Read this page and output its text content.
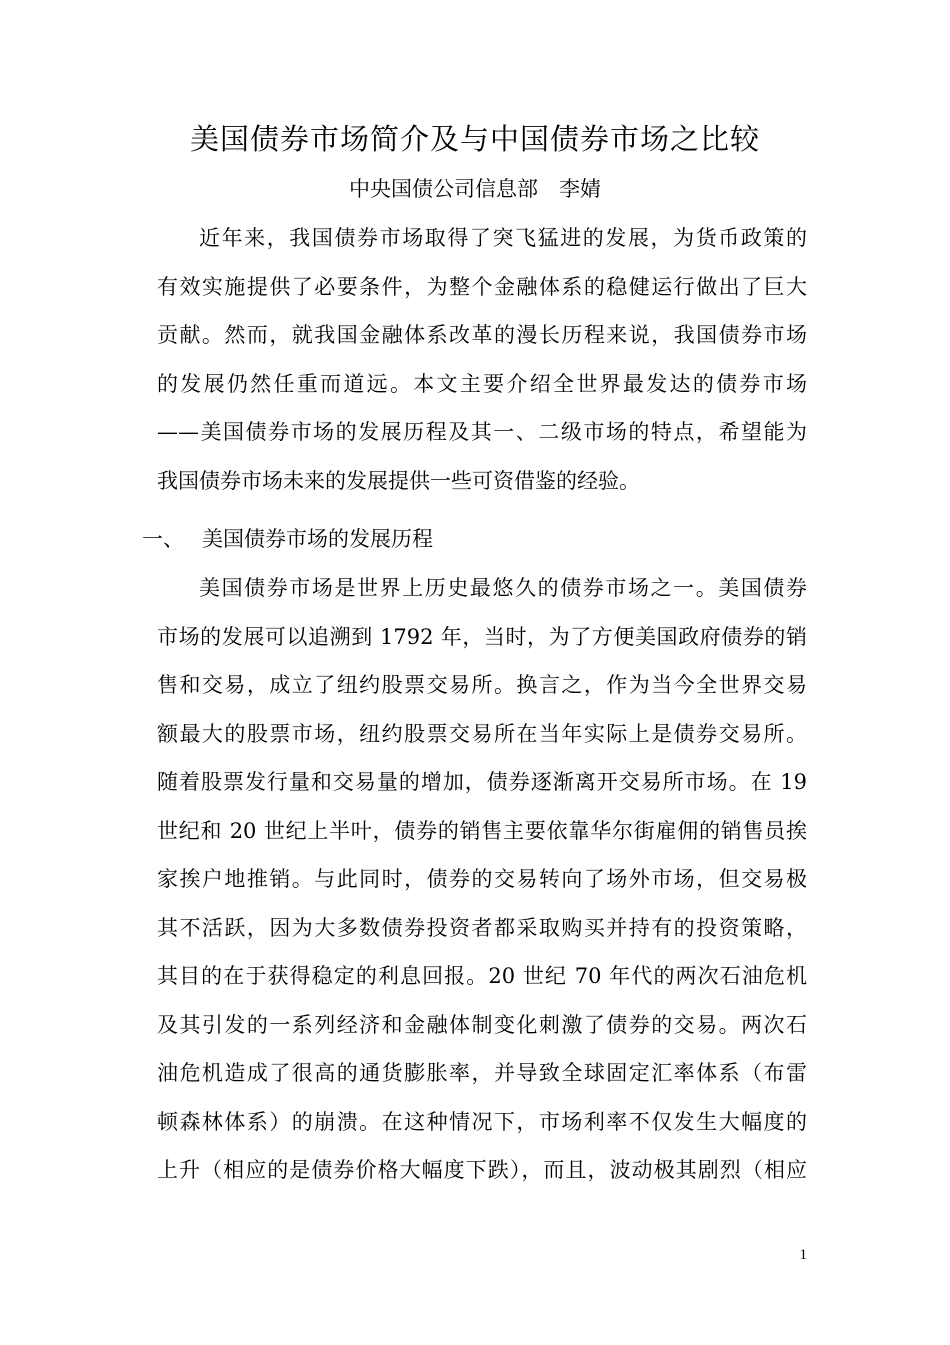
美国债券市场简介及与中国债券市场之比较
中央国债公司信息部　李婧
近年来，我国债券市场取得了突飞猛进的发展，为货币政策的
有效实施提供了必要条件，为整个金融体系的稳健运行做出了巨大
贡献。然而，就我国金融体系改革的漫长历程来说，我国债券市场
的发展仍然任重而道远。本文主要介绍全世界最发达的债券市场
——美国债券市场的发展历程及其一、二级市场的特点，希望能为
我国债券市场未来的发展提供一些可资借鉴的经验。
一、 美国债券市场的发展历程
美国债券市场是世界上历史最悠久的债券市场之一。美国债券
市场的发展可以追溯到 1792 年，当时，为了方便美国政府债券的销
售和交易，成立了纽约股票交易所。换言之，作为当今全世界交易
额最大的股票市场，纽约股票交易所在当年实际上是债券交易所。
随着股票发行量和交易量的增加，债券逐渐离开交易所市场。在 19
世纪和 20 世纪上半叶，债券的销售主要依靠华尔街雇佣的销售员挨
家挨户地推销。与此同时，债券的交易转向了场外市场，但交易极
其不活跃，因为大多数债券投资者都采取购买并持有的投资策略，
其目的在于获得稳定的利息回报。20 世纪 70 年代的两次石油危机
及其引发的一系列经济和金融体制变化刺激了债券的交易。两次石
油危机造成了很高的通货膨胀率，并导致全球固定汇率体系（布雷
顿森林体系）的崩溃。在这种情况下，市场利率不仅发生大幅度的
上升（相应的是债券价格大幅度下跌），而且，波动极其剧烈（相应
1
